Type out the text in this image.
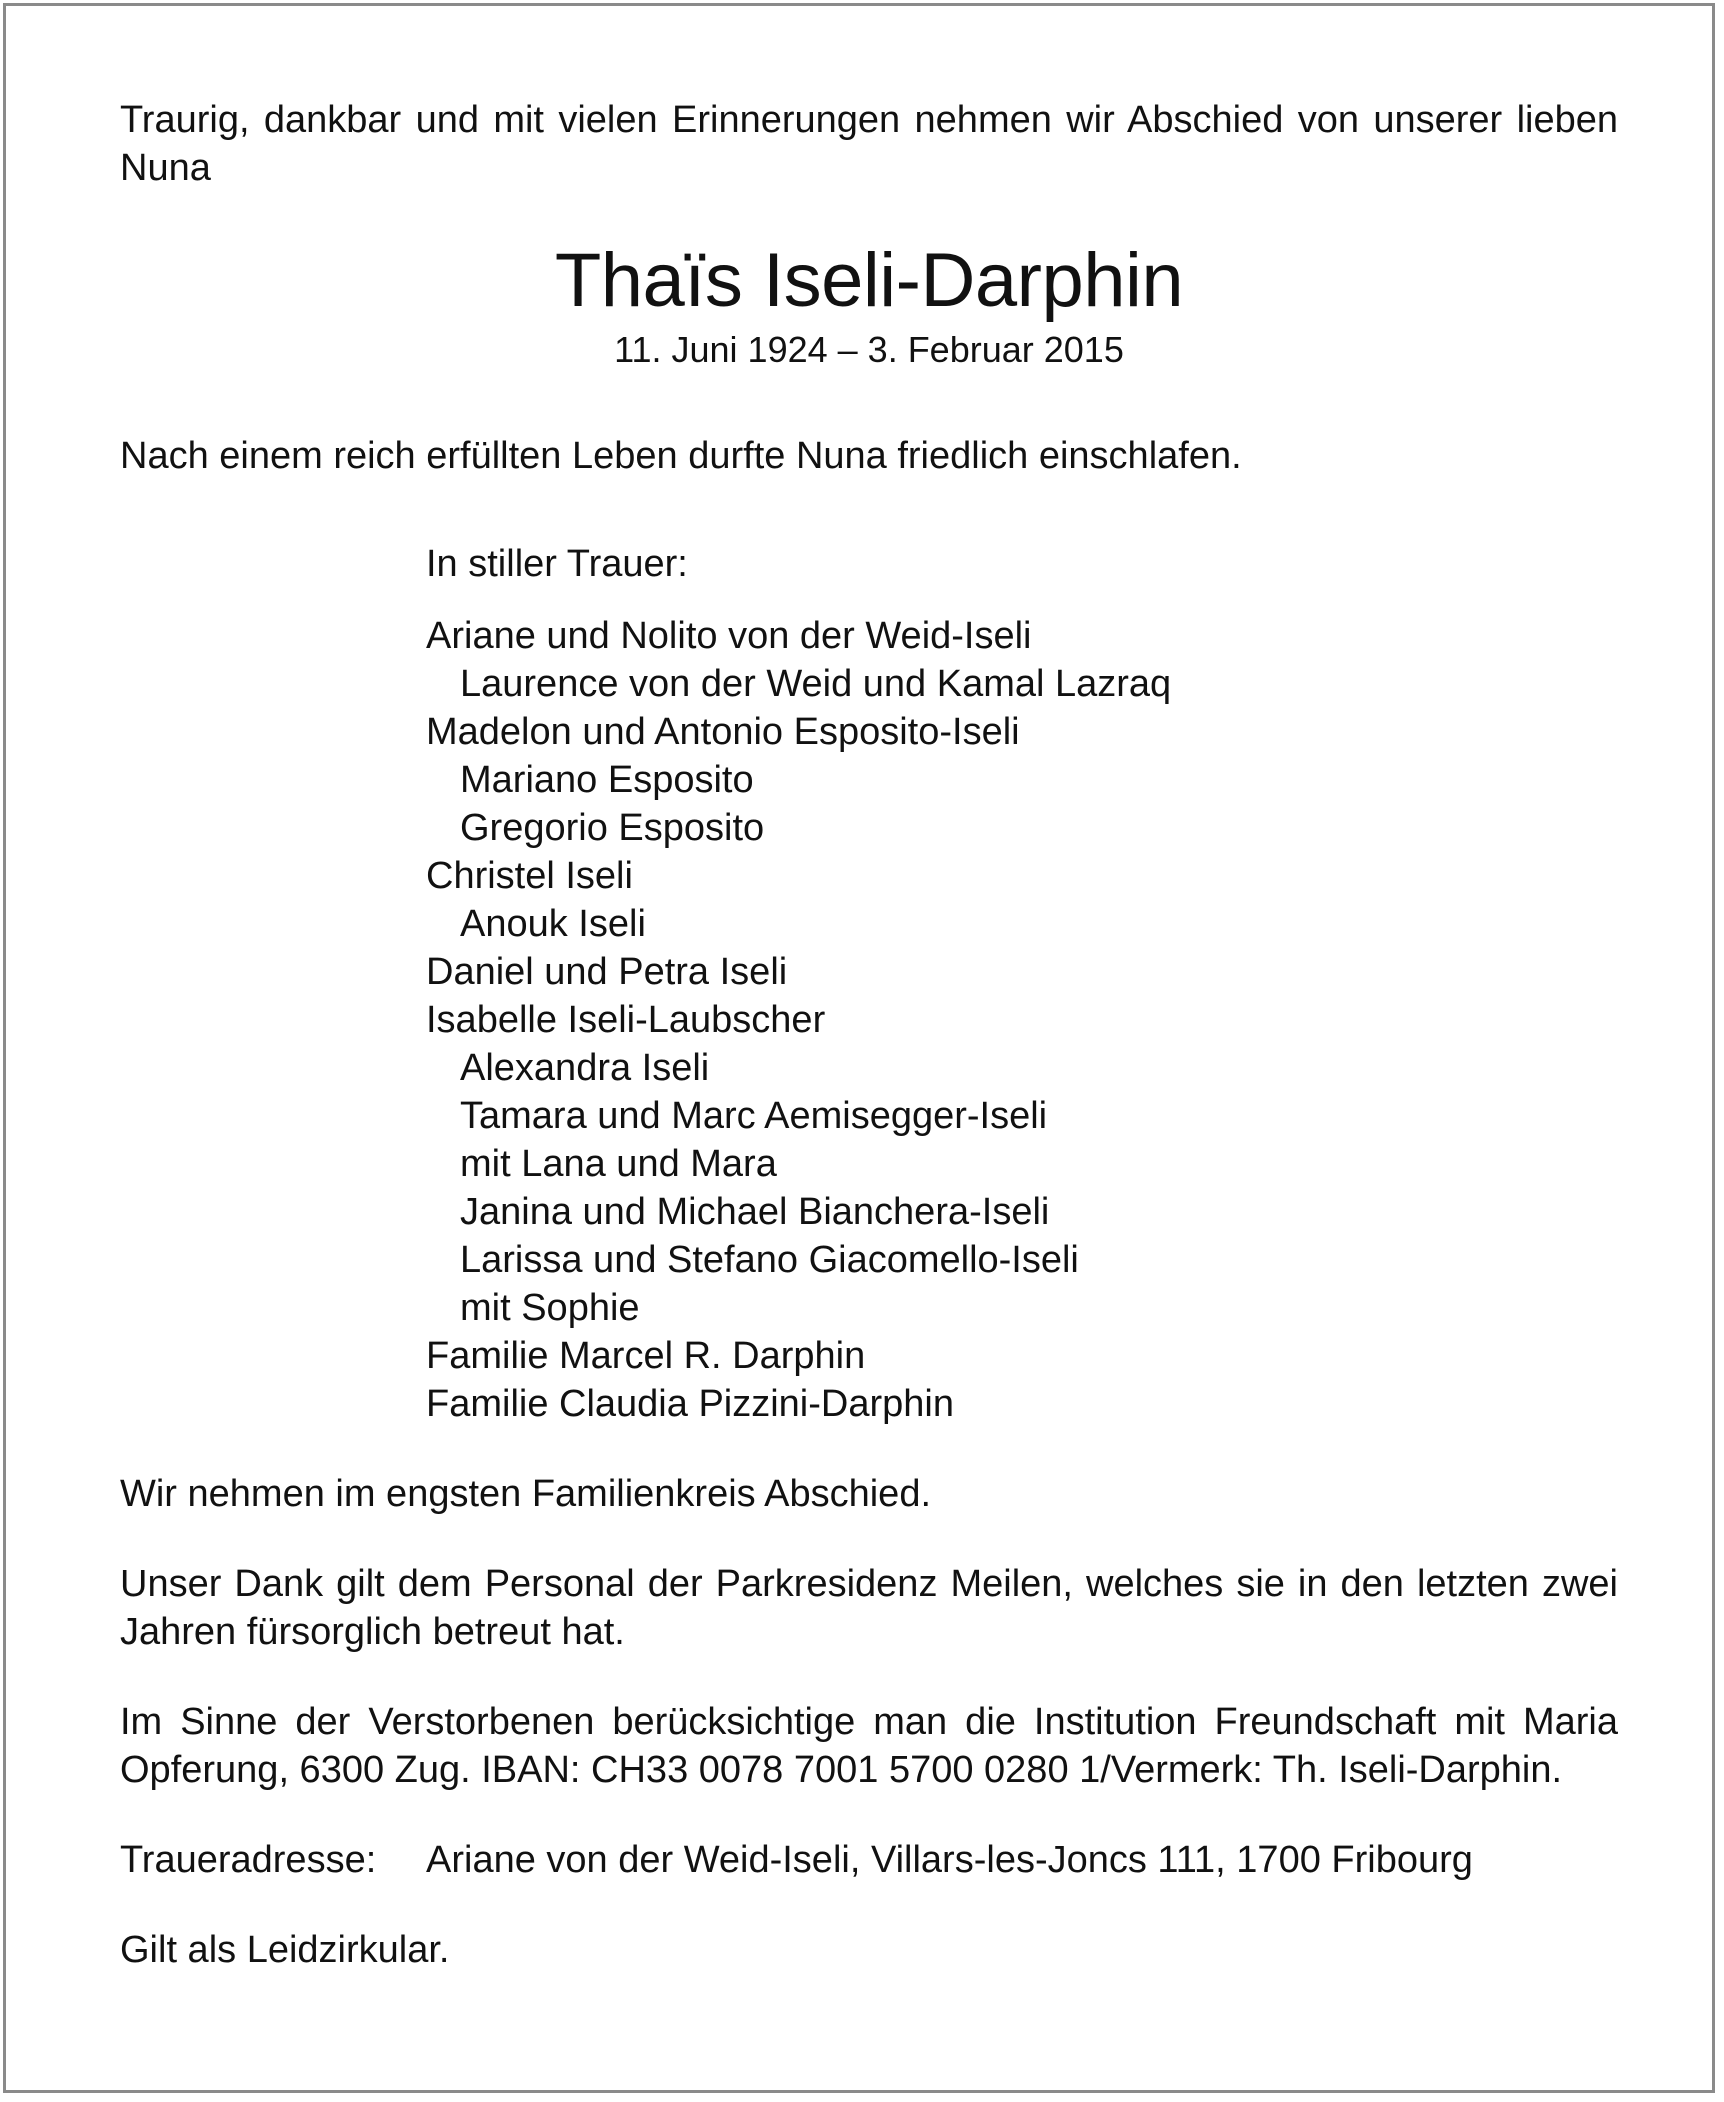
Traurig, dankbar und mit vielen Erinnerungen nehmen wir Abschied von unserer lieben Nuna

Thaïs Iseli-Darphin
11. Juni 1924 – 3. Februar 2015

Nach einem reich erfüllten Leben durfte Nuna friedlich einschlafen.

In stiller Trauer:

Ariane und Nolito von der Weid-Iseli
Laurence von der Weid und Kamal Lazraq
Madelon und Antonio Esposito-Iseli
Mariano Esposito
Gregorio Esposito
Christel Iseli
Anouk Iseli
Daniel und Petra Iseli
Isabelle Iseli-Laubscher
Alexandra Iseli
Tamara und Marc Aemisegger-Iseli
mit Lana und Mara
Janina und Michael Bianchera-Iseli
Larissa und Stefano Giacomello-Iseli
mit Sophie
Familie Marcel R. Darphin
Familie Claudia Pizzini-Darphin

Wir nehmen im engsten Familienkreis Abschied.

Unser Dank gilt dem Personal der Parkresidenz Meilen, welches sie in den letzten zwei Jahren fürsorglich betreut hat.

Im Sinne der Verstorbenen berücksichtige man die Institution Freundschaft mit Maria Opferung, 6300 Zug. IBAN: CH33 0078 7001 5700 0280 1/Vermerk: Th. Iseli-Darphin.

Traueradresse:	Ariane von der Weid-Iseli, Villars-les-Joncs 111, 1700 Fribourg

Gilt als Leidzirkular.
